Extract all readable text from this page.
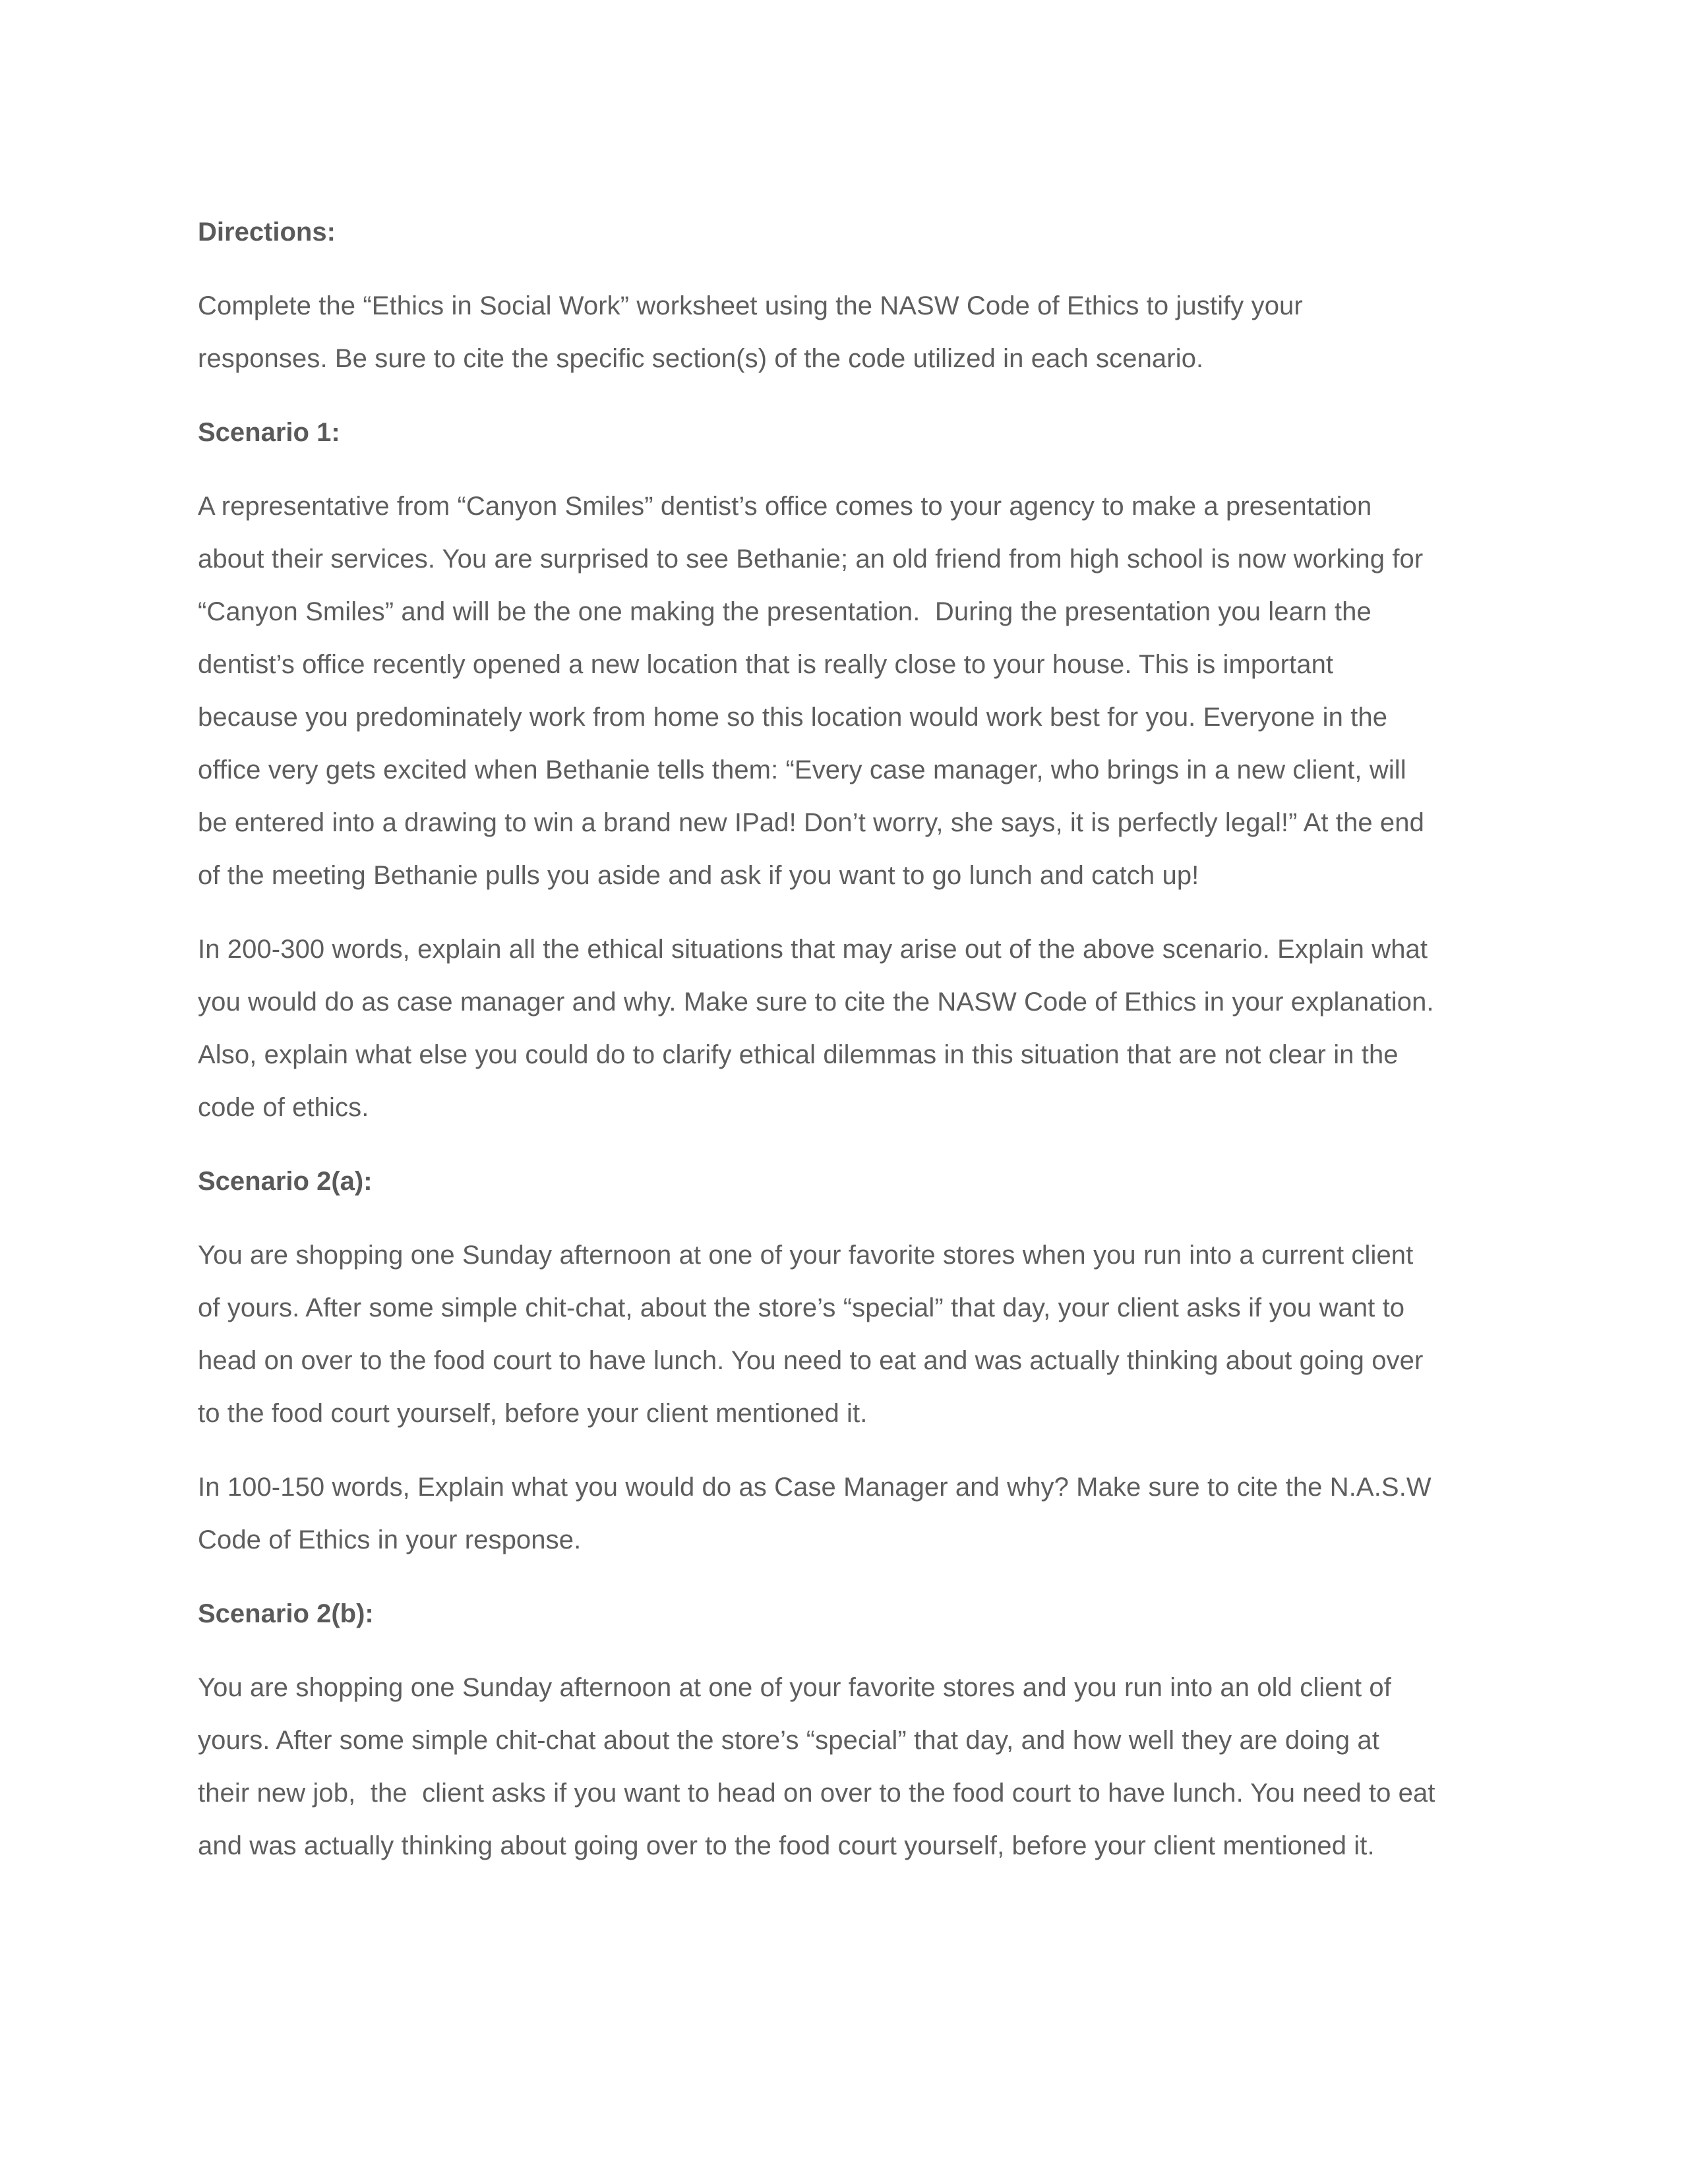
Directions:

Complete the “Ethics in Social Work” worksheet using the NASW Code of Ethics to justify your
responses. Be sure to cite the specific section(s) of the code utilized in each scenario.

Scenario 1:

A representative from “Canyon Smiles” dentist’s office comes to your agency to make a presentation
about their services. You are surprised to see Bethanie; an old friend from high school is now working for
“Canyon Smiles” and will be the one making the presentation.  During the presentation you learn the
dentist’s office recently opened a new location that is really close to your house. This is important
because you predominately work from home so this location would work best for you. Everyone in the
office very gets excited when Bethanie tells them: “Every case manager, who brings in a new client, will
be entered into a drawing to win a brand new IPad! Don’t worry, she says, it is perfectly legal!” At the end
of the meeting Bethanie pulls you aside and ask if you want to go lunch and catch up!

In 200-300 words, explain all the ethical situations that may arise out of the above scenario. Explain what
you would do as case manager and why. Make sure to cite the NASW Code of Ethics in your explanation.
Also, explain what else you could do to clarify ethical dilemmas in this situation that are not clear in the
code of ethics.

Scenario 2(a):

You are shopping one Sunday afternoon at one of your favorite stores when you run into a current client
of yours. After some simple chit-chat, about the store’s “special” that day, your client asks if you want to
head on over to the food court to have lunch. You need to eat and was actually thinking about going over
to the food court yourself, before your client mentioned it.

In 100-150 words, Explain what you would do as Case Manager and why? Make sure to cite the N.A.S.W
Code of Ethics in your response.

Scenario 2(b):

You are shopping one Sunday afternoon at one of your favorite stores and you run into an old client of
yours. After some simple chit-chat about the store’s “special” that day, and how well they are doing at
their new job,  the  client asks if you want to head on over to the food court to have lunch. You need to eat
and was actually thinking about going over to the food court yourself, before your client mentioned it.
